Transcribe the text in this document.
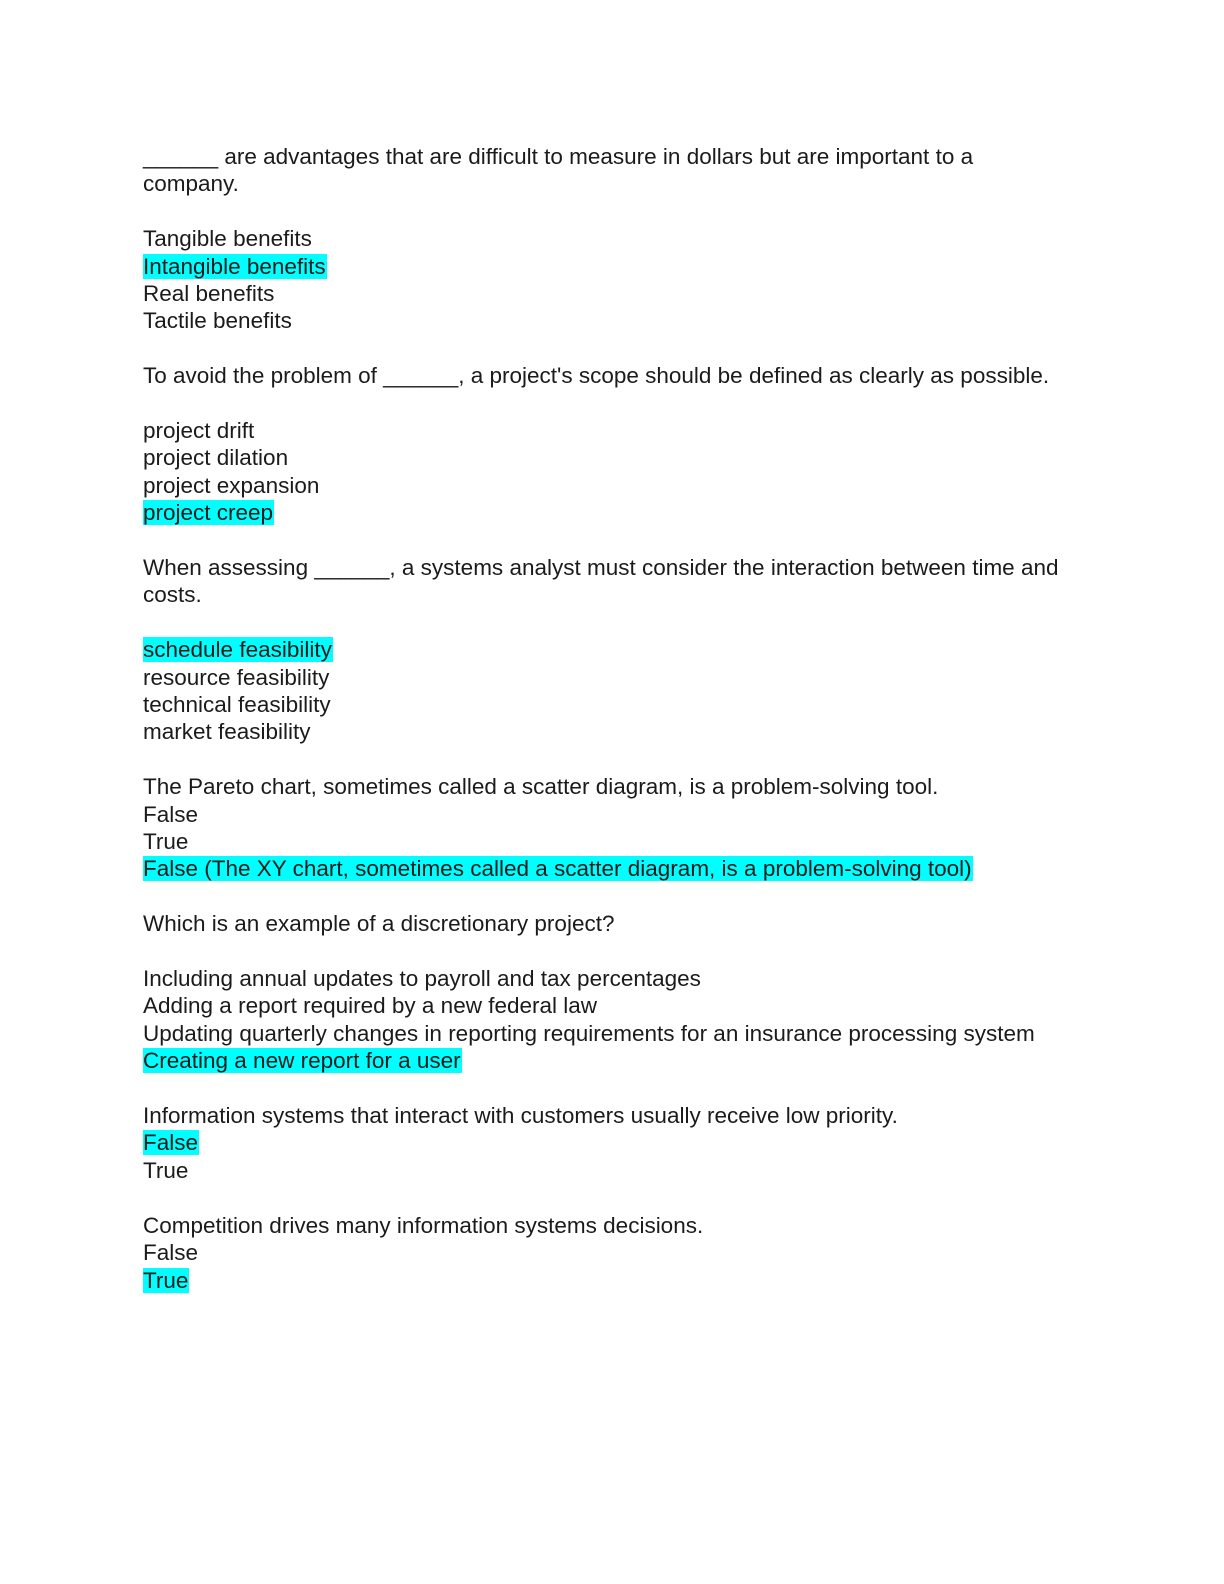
______ are advantages that are difficult to measure in dollars but are important to a company.
Tangible benefits
Intangible benefits
Real benefits
Tactile benefits
To avoid the problem of ______, a project's scope should be defined as clearly as possible.
project drift
project dilation
project expansion
project creep
When assessing ______, a systems analyst must consider the interaction between time and costs.
schedule feasibility
resource feasibility
technical feasibility
market feasibility
The Pareto chart, sometimes called a scatter diagram, is a problem-solving tool.
False
True
False (The XY chart, sometimes called a scatter diagram, is a problem-solving tool)
Which is an example of a discretionary project?
Including annual updates to payroll and tax percentages
Adding a report required by a new federal law
Updating quarterly changes in reporting requirements for an insurance processing system
Creating a new report for a user
Information systems that interact with customers usually receive low priority.
False
True
Competition drives many information systems decisions.
False
True
